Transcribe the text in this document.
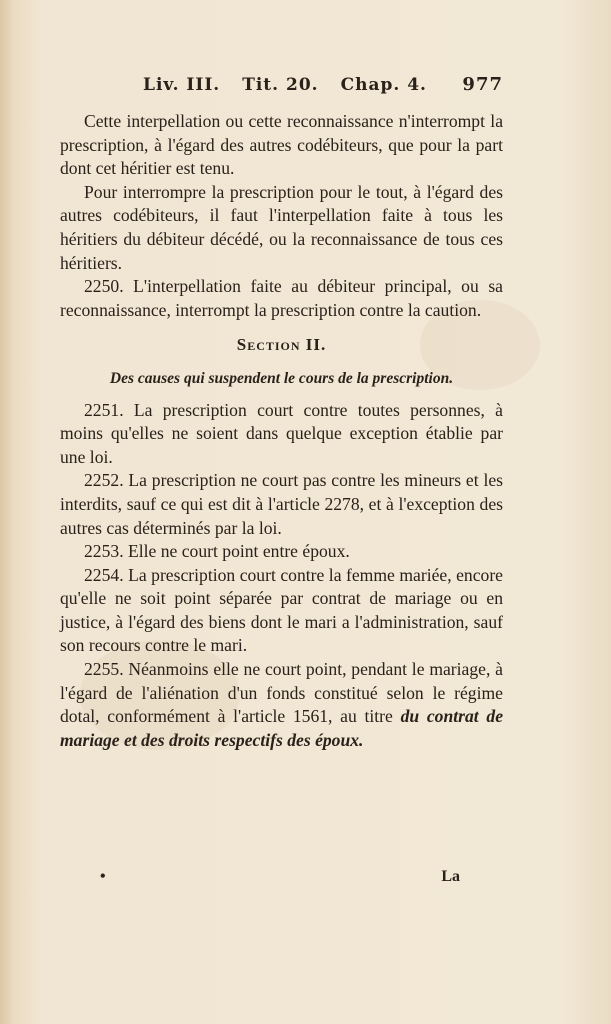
Liv. III. Tit. 20. Chap. 4. 977

Cette interpellation ou cette reconnaissance n'interrompt la prescription, à l'égard des autres codébiteurs, que pour la part dont cet héritier est tenu.

Pour interrompre la prescription pour le tout, à l'égard des autres codébiteurs, il faut l'interpellation faite à tous les héritiers du débiteur décédé, ou la reconnaissance de tous ces héritiers.

2250. L'interpellation faite au débiteur principal, ou sa reconnaissance, interrompt la prescription contre la caution.

Section II.
Des causes qui suspendent le cours de la prescription.

2251. La prescription court contre toutes personnes, à moins qu'elles ne soient dans quelque exception établie par une loi.

2252. La prescription ne court pas contre les mineurs et les interdits, sauf ce qui est dit à l'article 2278, et à l'exception des autres cas déterminés par la loi.

2253. Elle ne court point entre époux.

2254. La prescription court contre la femme mariée, encore qu'elle ne soit point séparée par contrat de mariage ou en justice, à l'égard des biens dont le mari a l'administration, sauf son recours contre le mari.

2255. Néanmoins elle ne court point, pendant le mariage, à l'égard de l'aliénation d'un fonds constitué selon le régime dotal, conformément à l'article 1561, au titre du contrat de mariage et des droits respectifs des époux.

•	La
